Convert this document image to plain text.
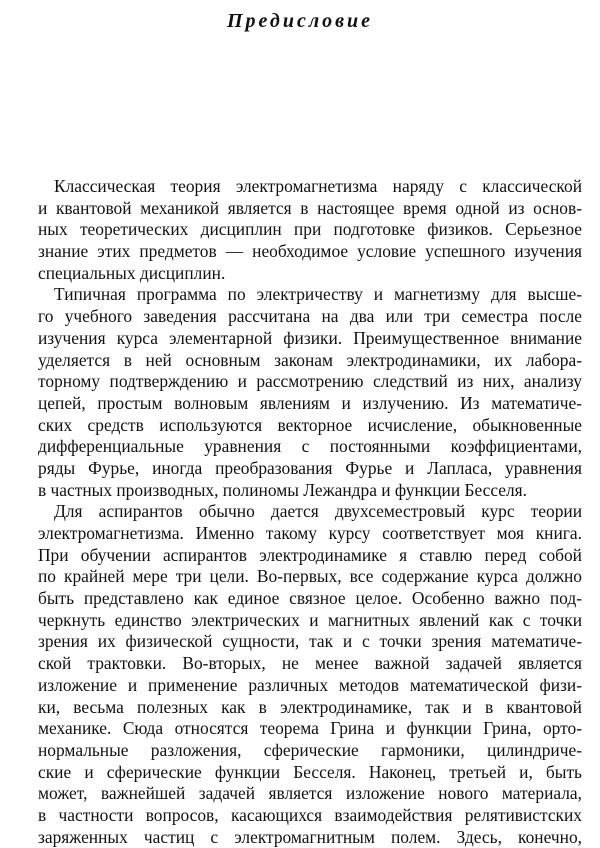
Предисловие

Классическая теория электромагнетизма наряду с классической
и квантовой механикой является в настоящее время одной из основ-
ных теоретических дисциплин при подготовке физиков. Серьезное
знание этих предметов — необходимое условие успешного изучения
специальных дисциплин.

Типичная программа по электричеству и магнетизму для высше-
го учебного заведения рассчитана на два или три семестра после
изучения курса элементарной физики. Преимущественное внимание
уделяется в ней основным законам электродинамики, их лабора-
торному подтверждению и рассмотрению следствий из них, анализу
цепей, простым волновым явлениям и излучению. Из математиче-
ских средств используются векторное исчисление, обыкновенные
дифференциальные уравнения с постоянными коэффициентами,
ряды Фурье, иногда преобразования Фурье и Лапласа, уравнения
в частных производных, полиномы Лежандра и функции Бесселя.

Для аспирантов обычно дается двухсеместровый курс теории
электромагнетизма. Именно такому курсу соответствует моя книга.
При обучении аспирантов электродинамике я ставлю перед собой
по крайней мере три цели. Во-первых, все содержание курса должно
быть представлено как единое связное целое. Особенно важно под-
черкнуть единство электрических и магнитных явлений как с точки
зрения их физической сущности, так и с точки зрения математиче-
ской трактовки. Во-вторых, не менее важной задачей является
изложение и применение различных методов математической физи-
ки, весьма полезных как в электродинамике, так и в квантовой
механике. Сюда относятся теорема Грина и функции Грина, орто-
нормальные разложения, сферические гармоники, цилиндриче-
ские и сферические функции Бесселя. Наконец, третьей и, быть
может, важнейшей задачей является изложение нового материала,
в частности вопросов, касающихся взаимодействия релятивистских
заряженных частиц с электромагнитным полем. Здесь, конечно,
